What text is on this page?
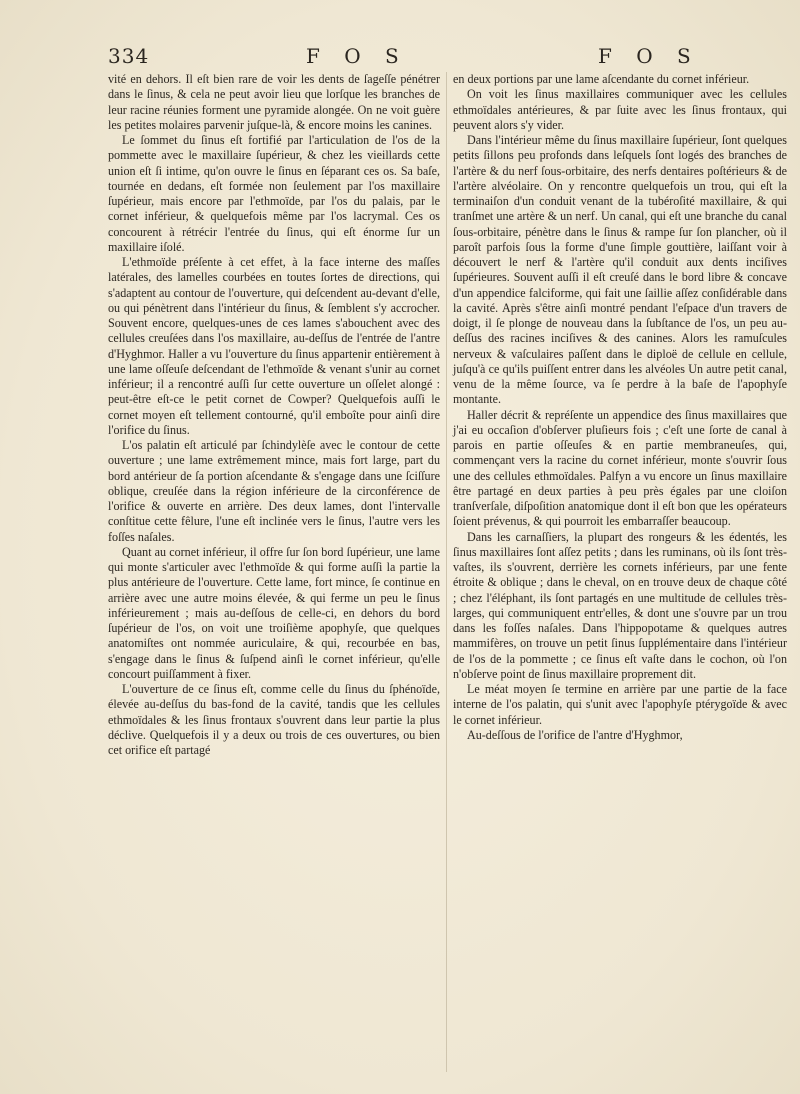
334	F O S	F O S

vité en dehors. Il eſt bien rare de voir les dents de ſageſſe pénétrer dans le ſinus, & cela ne peut avoir lieu que lorſque les branches de leur racine réunies forment une pyramide alongée. On ne voit guère les petites molaires parvenir juſque-là, & encore moins les canines.

Le ſommet du ſinus eſt fortifié par l'articulation de l'os de la pommette avec le maxillaire ſupérieur, & chez les vieillards cette union eſt ſi intime, qu'on ouvre le ſinus en ſéparant ces os. Sa baſe, tournée en dedans, eſt formée non ſeulement par l'os maxillaire ſupérieur, mais encore par l'ethmoïde, par l'os du palais, par le cornet inférieur, & quelquefois même par l'os lacrymal. Ces os concourent à rétrécir l'entrée du ſinus, qui eſt énorme ſur un maxillaire iſolé.

L'ethmoïde préſente à cet effet, à la face interne des maſſes latérales, des lamelles courbées en toutes ſortes de directions, qui s'adaptent au contour de l'ouverture, qui deſcendent au-devant d'elle, ou qui pénètrent dans l'intérieur du ſinus, & ſemblent s'y accrocher. Souvent encore, quelques-unes de ces lames s'abouchent avec des cellules creuſées dans l'os maxillaire, au-deſſus de l'entrée de l'antre d'Hyghmor. Haller a vu l'ouverture du ſinus appartenir entièrement à une lame oſſeuſe deſcendant de l'ethmoïde & venant s'unir au cornet inférieur; il a rencontré auſſi ſur cette ouverture un oſſelet alongé : peut-être eſt-ce le petit cornet de Cowper? Quelquefois auſſi le cornet moyen eſt tellement contourné, qu'il emboîte pour ainſi dire l'orifice du ſinus.

L'os palatin eſt articulé par ſchindylèſe avec le contour de cette ouverture ; une lame extrêmement mince, mais fort large, part du bord antérieur de ſa portion aſcendante & s'engage dans une ſciſſure oblique, creuſée dans la région inférieure de la circonférence de l'orifice & ouverte en arrière. Des deux lames, dont l'intervalle conſtitue cette fêlure, l'une eſt inclinée vers le ſinus, l'autre vers les foſſes naſales.

Quant au cornet inférieur, il offre ſur ſon bord ſupérieur, une lame qui monte s'articuler avec l'ethmoïde & qui forme auſſi la partie la plus antérieure de l'ouverture. Cette lame, fort mince, ſe continue en arrière avec une autre moins élevée, & qui ferme un peu le ſinus inférieurement ; mais au-deſſous de celle-ci, en dehors du bord ſupérieur de l'os, on voit une troiſième apophyſe, que quelques anatomiſtes ont nommée auriculaire, & qui, recourbée en bas, s'engage dans le ſinus & ſuſpend ainſi le cornet inférieur, qu'elle concourt puiſſamment à fixer.

L'ouverture de ce ſinus eſt, comme celle du ſinus du ſphénoïde, élevée au-deſſus du bas-fond de la cavité, tandis que les cellules ethmoïdales & les ſinus frontaux s'ouvrent dans leur partie la plus déclive. Quelquefois il y a deux ou trois de ces ouvertures, ou bien cet orifice eſt partagé

en deux portions par une lame aſcendante du cornet inférieur.

On voit les ſinus maxillaires communiquer avec les cellules ethmoïdales antérieures, & par ſuite avec les ſinus frontaux, qui peuvent alors s'y vider.

Dans l'intérieur même du ſinus maxillaire ſupérieur, ſont quelques petits ſillons peu profonds dans leſquels ſont logés des branches de l'artère & du nerf ſous-orbitaire, des nerfs dentaires poſtérieurs & de l'artère alvéolaire. On y rencontre quelquefois un trou, qui eſt la terminaiſon d'un conduit venant de la tubéroſité maxillaire, & qui tranſmet une artère & un nerf. Un canal, qui eſt une branche du canal ſous-orbitaire, pénètre dans le ſinus & rampe ſur ſon plancher, où il paroît parfois ſous la forme d'une ſimple gouttière, laiſſant voir à découvert le nerf & l'artère qu'il conduit aux dents inciſives ſupérieures. Souvent auſſi il eſt creuſé dans le bord libre & concave d'un appendice falciforme, qui fait une ſaillie aſſez conſidérable dans la cavité. Après s'être ainſi montré pendant l'eſpace d'un travers de doigt, il ſe plonge de nouveau dans la ſubſtance de l'os, un peu au-deſſus des racines inciſives & des canines. Alors les ramuſcules nerveux & vaſculaires paſſent dans le diploë de cellule en cellule, juſqu'à ce qu'ils puiſſent entrer dans les alvéoles Un autre petit canal, venu de la même ſource, va ſe perdre à la baſe de l'apophyſe montante.

Haller décrit & repréſente un appendice des ſinus maxillaires que j'ai eu occaſion d'obſerver pluſieurs fois ; c'eſt une ſorte de canal à parois en partie oſſeuſes & en partie membraneuſes, qui, commençant vers la racine du cornet inférieur, monte s'ouvrir ſous une des cellules ethmoïdales. Palfyn a vu encore un ſinus maxillaire être partagé en deux parties à peu près égales par une cloiſon tranſverſale, diſpoſition anatomique dont il eſt bon que les opérateurs ſoient prévenus, & qui pourroit les embarraſſer beaucoup.

Dans les carnaſſiers, la plupart des rongeurs & les édentés, les ſinus maxillaires ſont aſſez petits ; dans les ruminans, où ils ſont très-vaſtes, ils s'ouvrent, derrière les cornets inférieurs, par une fente étroite & oblique ; dans le cheval, on en trouve deux de chaque côté ; chez l'éléphant, ils ſont partagés en une multitude de cellules très-larges, qui communiquent entr'elles, & dont une s'ouvre par un trou dans les foſſes naſales. Dans l'hippopotame & quelques autres mammifères, on trouve un petit ſinus ſupplémentaire dans l'intérieur de l'os de la pommette ; ce ſinus eſt vaſte dans le cochon, où l'on n'obſerve point de ſinus maxillaire proprement dit.

Le méat moyen ſe termine en arrière par une partie de la face interne de l'os palatin, qui s'unit avec l'apophyſe ptérygoïde & avec le cornet inférieur.

Au-deſſous de l'orifice de l'antre d'Hyghmor,
